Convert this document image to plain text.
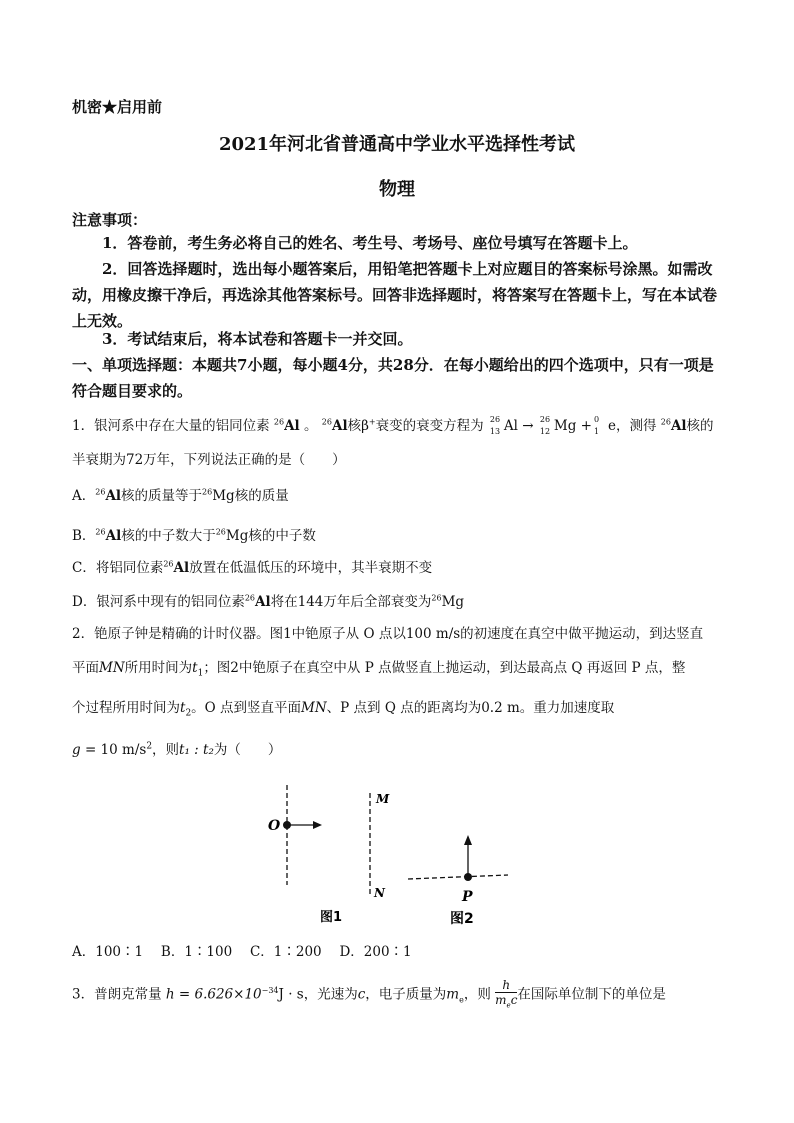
机密★启用前
2021年河北省普通高中学业水平选择性考试
物理
注意事项：
1．答卷前，考生务必将自己的姓名、考生号、考场号、座位号填写在答题卡上。
2．回答选择题时，选出每小题答案后，用铅笔把答题卡上对应题目的答案标号涂黑。如需改动，用橡皮擦干净后，再选涂其他答案标号。回答非选择题时，将答案写在答题卡上，写在本试卷上无效。
3．考试结束后，将本试卷和答题卡一并交回。
一、单项选择题：本题共7小题，每小题4分，共28分．在每小题给出的四个选项中，只有一项是符合题目要求的。
1．银河系中存在大量的铝同位素 $^{26}$Al 。 $^{26}$Al核β+衰变的衰变方程为 26
13 Al → 26
12 Mg + 0
1 e，测得 $^{26}$Al核的
半衰期为72万年，下列说法正确的是（　　）
A．$^{26}$Al核的质量等于$^{26}$Mg核的质量
B．$^{26}$Al核的中子数大于$^{26}$Mg核的中子数
C．将铝同位素$^{26}$Al放置在低温低压的环境中，其半衰期不变
D．银河系中现有的铝同位素$^{26}$Al将在144万年后全部衰变为$^{26}$Mg
2．铯原子钟是精确的计时仪器。图1中铯原子从 O 点以100 m/s的初速度在真空中做平抛运动，到达竖直
平面MN所用时间为$t_1$；图2中铯原子在真空中从 P 点做竖直上抛运动，到达最高点 Q 再返回 P 点，整
个过程所用时间为$t_2$。O 点到竖直平面MN、P 点到 Q 点的距离均为0.2 m。重力加速度取
g = 10 $m/s^2$，则t₁ : t₂为（　　）
O
M
N
图1
P
图2
A．100∶1　 B．1∶100　 C．1∶200　 D．200∶1
3．普朗克常量 $h = 6.626\times 10^{-34}J \cdot s$，光速为c，电子质量为$m_e$，则 $\frac{h}{m_ec}$ 在国际单位制下的单位是
